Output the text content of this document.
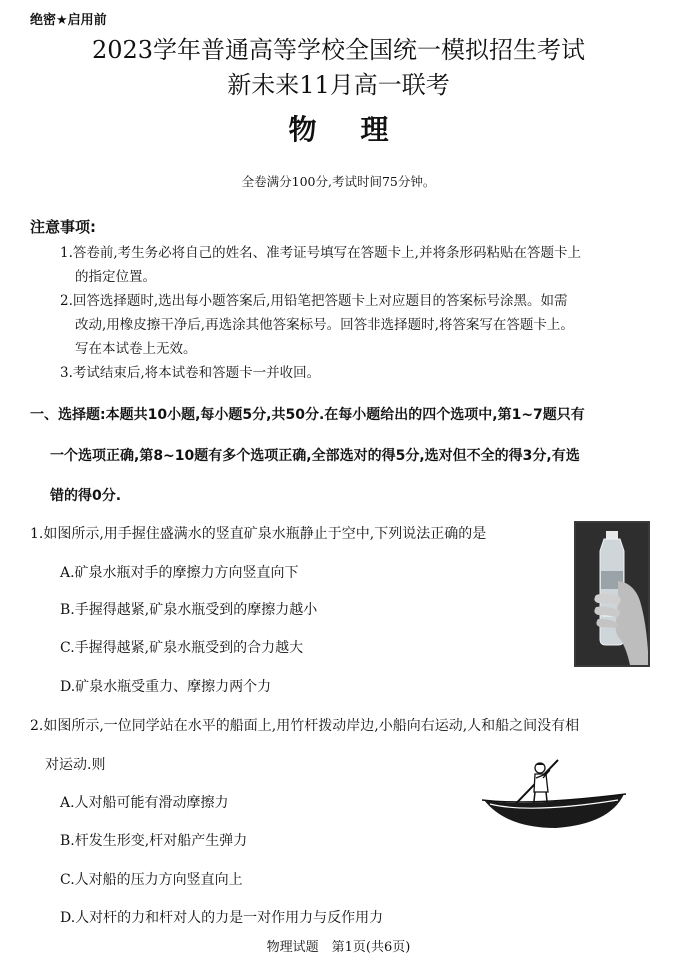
绝密★启用前
2023学年普通高等学校全国统一模拟招生考试
新未来11月高一联考
物理
全卷满分100分,考试时间75分钟。
注意事项:
1.答卷前,考生务必将自己的姓名、准考证号填写在答题卡上,并将条形码粘贴在答题卡上
的指定位置。
2.回答选择题时,选出每小题答案后,用铅笔把答题卡上对应题目的答案标号涂黑。如需
改动,用橡皮擦干净后,再选涂其他答案标号。回答非选择题时,将答案写在答题卡上。
写在本试卷上无效。
3.考试结束后,将本试卷和答题卡一并收回。
一、选择题:本题共10小题,每小题5分,共50分.在每小题给出的四个选项中,第1~7题只有
一个选项正确,第8~10题有多个选项正确,全部选对的得5分,选对但不全的得3分,有选
错的得0分.
1.如图所示,用手握住盛满水的竖直矿泉水瓶静止于空中,下列说法正确的是
A.矿泉水瓶对手的摩擦力方向竖直向下
B.手握得越紧,矿泉水瓶受到的摩擦力越小
C.手握得越紧,矿泉水瓶受到的合力越大
D.矿泉水瓶受重力、摩擦力两个力
2.如图所示,一位同学站在水平的船面上,用竹杆拨动岸边,小船向右运动,人和船之间没有相
对运动.则
A.人对船可能有滑动摩擦力
B.杆发生形变,杆对船产生弹力
C.人对船的压力方向竖直向上
D.人对杆的力和杆对人的力是一对作用力与反作用力
物理试题　第1页(共6页)
